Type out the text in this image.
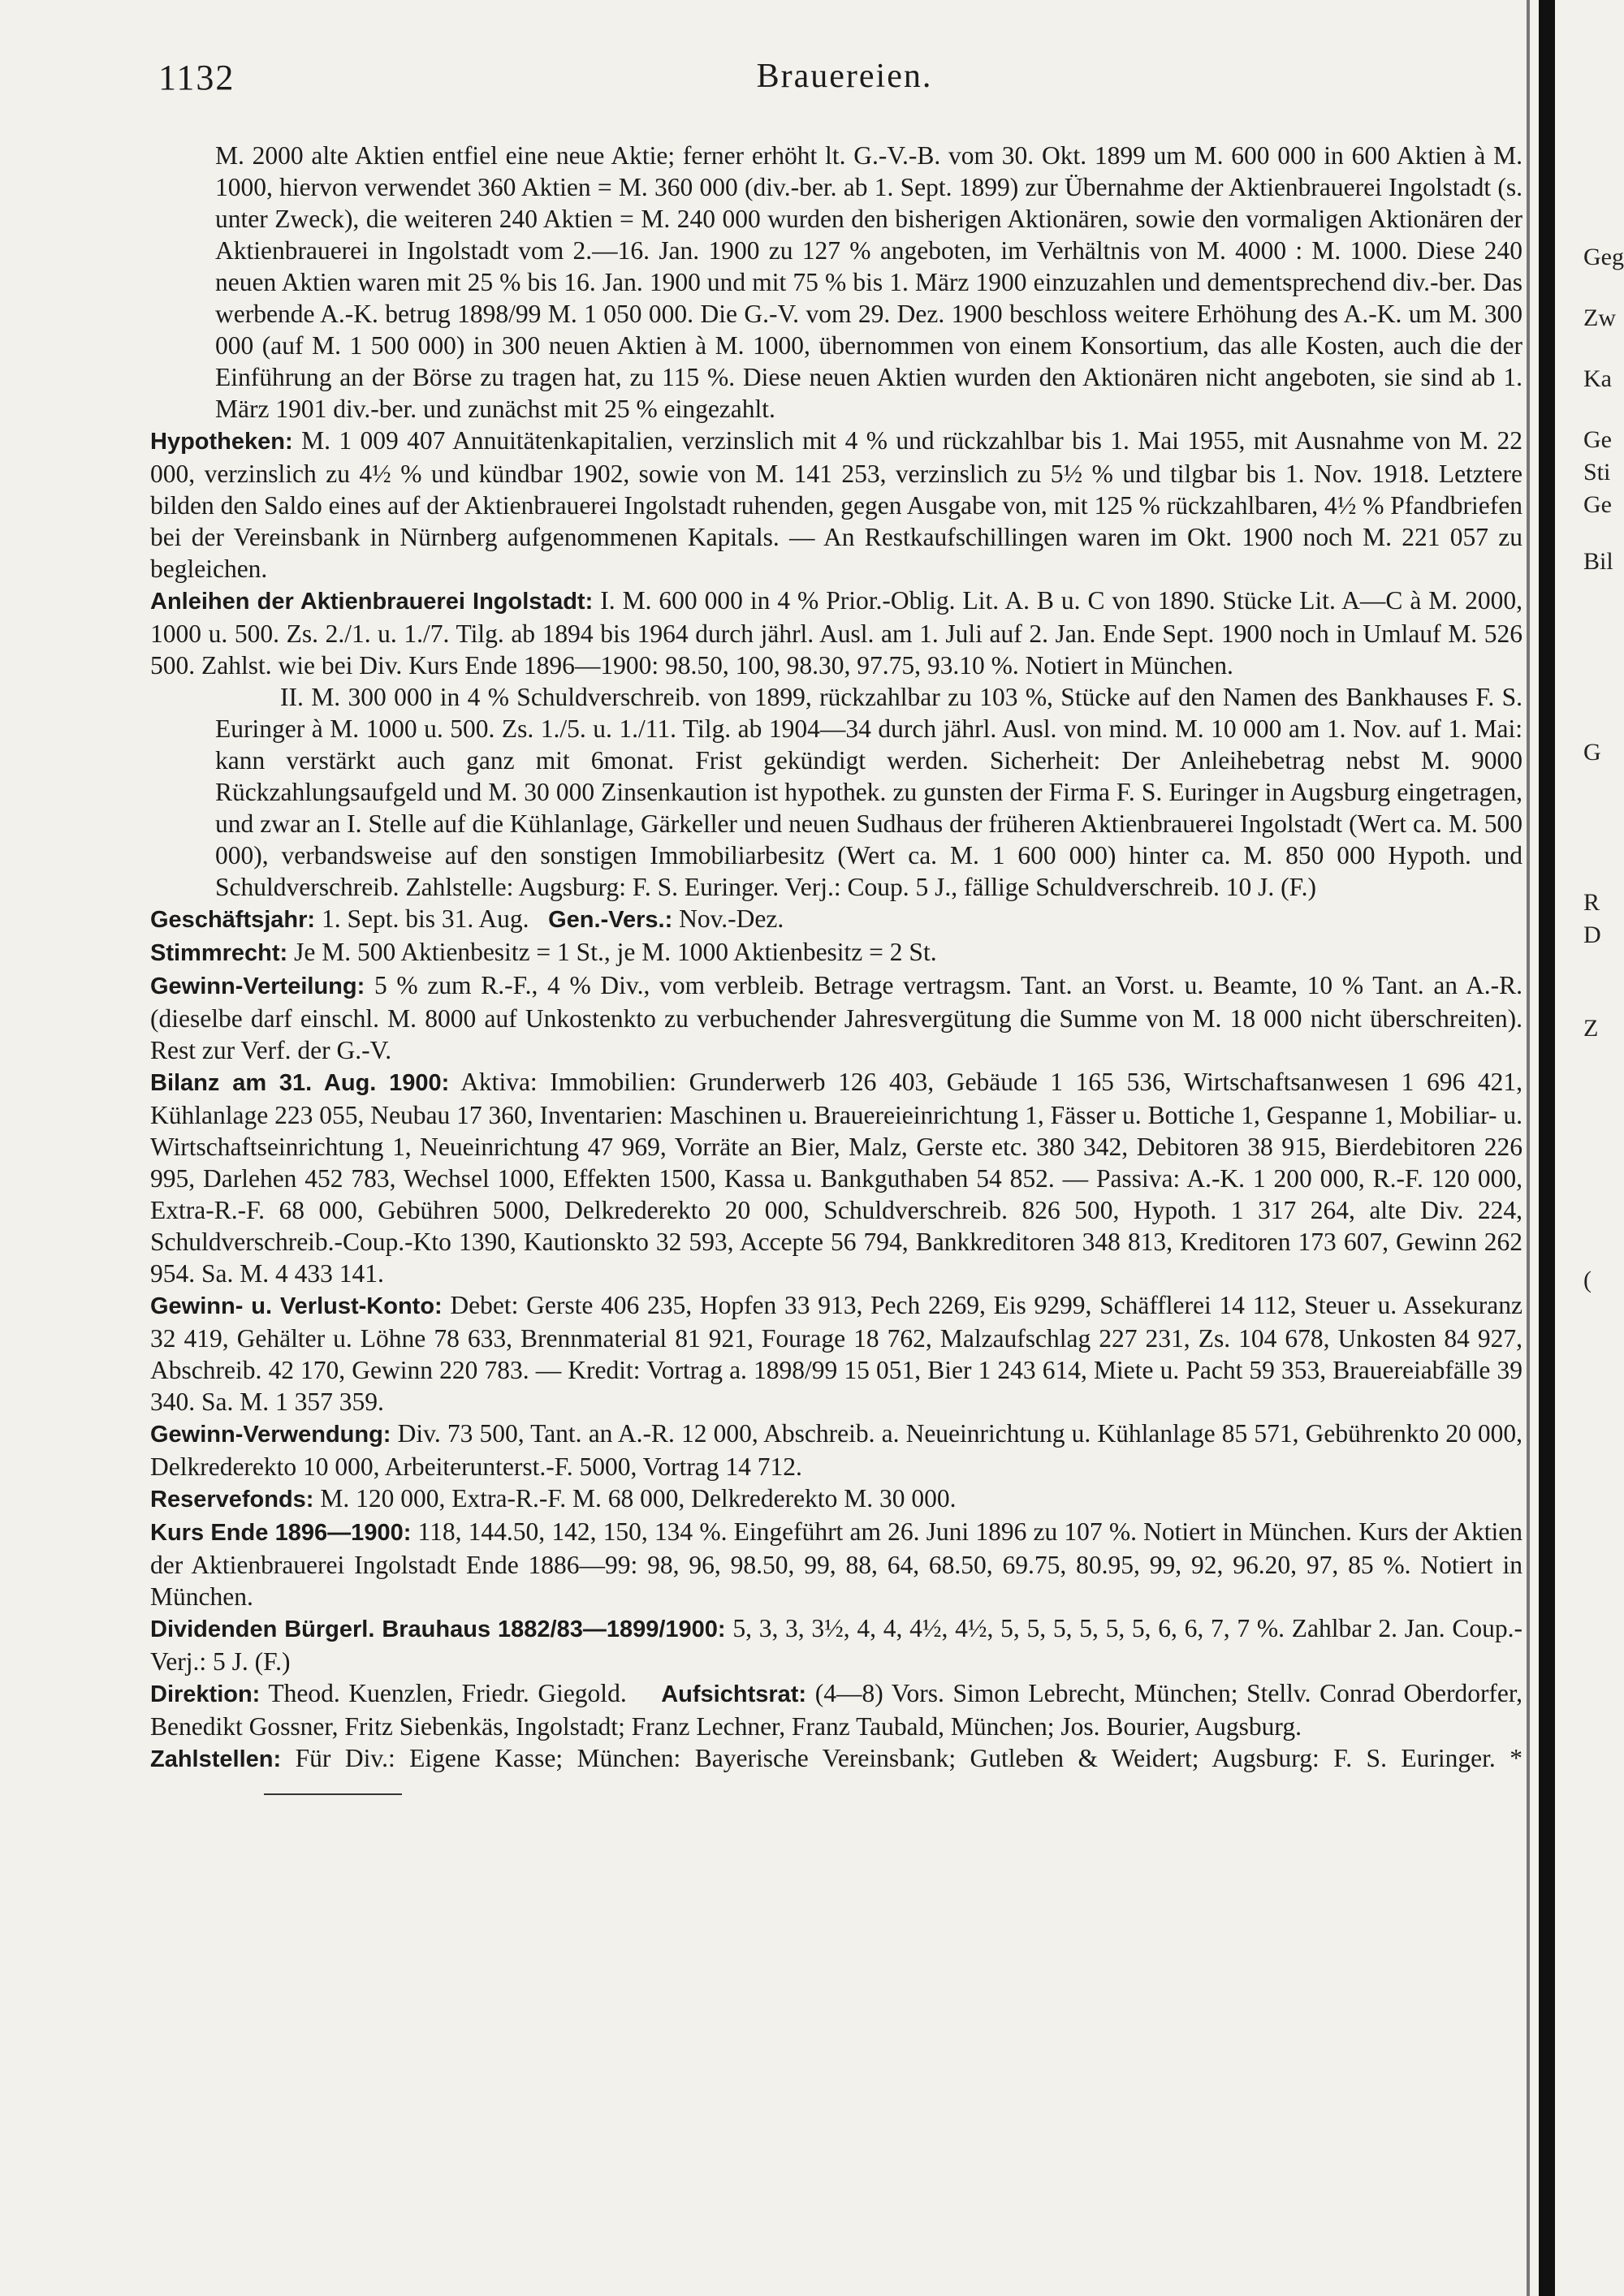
1132	Brauereien.

M. 2000 alte Aktien entfiel eine neue Aktie; ferner erhöht lt. G.-V.-B. vom 30. Okt. 1899 um M. 600 000 in 600 Aktien à M. 1000, hiervon verwendet 360 Aktien = M. 360 000 (div.-ber. ab 1. Sept. 1899) zur Übernahme der Aktienbrauerei Ingolstadt (s. unter Zweck), die weiteren 240 Aktien = M. 240 000 wurden den bisherigen Aktionären, sowie den vormaligen Aktionären der Aktienbrauerei in Ingolstadt vom 2.—16. Jan. 1900 zu 127 % angeboten, im Verhältnis von M. 4000 : M. 1000. Diese 240 neuen Aktien waren mit 25 % bis 16. Jan. 1900 und mit 75 % bis 1. März 1900 einzuzahlen und dementsprechend div.-ber. Das werbende A.-K. betrug 1898/99 M. 1 050 000. Die G.-V. vom 29. Dez. 1900 beschloss weitere Erhöhung des A.-K. um M. 300 000 (auf M. 1 500 000) in 300 neuen Aktien à M. 1000, übernommen von einem Konsortium, das alle Kosten, auch die der Einführung an der Börse zu tragen hat, zu 115 %. Diese neuen Aktien wurden den Aktionären nicht angeboten, sie sind ab 1. März 1901 div.-ber. und zunächst mit 25 % eingezahlt.

Hypotheken: M. 1 009 407 Annuitätenkapitalien, verzinslich mit 4 % und rückzahlbar bis 1. Mai 1955, mit Ausnahme von M. 22 000, verzinslich zu 4½ % und kündbar 1902, sowie von M. 141 253, verzinslich zu 5½ % und tilgbar bis 1. Nov. 1918. Letztere bilden den Saldo eines auf der Aktienbrauerei Ingolstadt ruhenden, gegen Ausgabe von, mit 125 % rückzahlbaren, 4½ % Pfandbriefen bei der Vereinsbank in Nürnberg aufgenommenen Kapitals. — An Restkaufschillingen waren im Okt. 1900 noch M. 221 057 zu begleichen.

Anleihen der Aktienbrauerei Ingolstadt: I. M. 600 000 in 4 % Prior.-Oblig. Lit. A. B u. C von 1890. Stücke Lit. A—C à M. 2000, 1000 u. 500. Zs. 2./1. u. 1./7. Tilg. ab 1894 bis 1964 durch jährl. Ausl. am 1. Juli auf 2. Jan. Ende Sept. 1900 noch in Umlauf M. 526 500. Zahlst. wie bei Div. Kurs Ende 1896—1900: 98.50, 100, 98.30, 97.75, 93.10 %. Notiert in München.

II. M. 300 000 in 4 % Schuldverschreib. von 1899, rückzahlbar zu 103 %, Stücke auf den Namen des Bankhauses F. S. Euringer à M. 1000 u. 500. Zs. 1./5. u. 1./11. Tilg. ab 1904—34 durch jährl. Ausl. von mind. M. 10 000 am 1. Nov. auf 1. Mai: kann verstärkt auch ganz mit 6monat. Frist gekündigt werden. Sicherheit: Der Anleihebetrag nebst M. 9000 Rückzahlungsaufgeld und M. 30 000 Zinsenkaution ist hypothek. zu gunsten der Firma F. S. Euringer in Augsburg eingetragen, und zwar an I. Stelle auf die Kühlanlage, Gärkeller und neuen Sudhaus der früheren Aktienbrauerei Ingolstadt (Wert ca. M. 500 000), verbandsweise auf den sonstigen Immobiliarbesitz (Wert ca. M. 1 600 000) hinter ca. M. 850 000 Hypoth. und Schuldverschreib. Zahlstelle: Augsburg: F. S. Euringer. Verj.: Coup. 5 J., fällige Schuldverschreib. 10 J. (F.)

Geschäftsjahr: 1. Sept. bis 31. Aug. Gen.-Vers.: Nov.-Dez.

Stimmrecht: Je M. 500 Aktienbesitz = 1 St., je M. 1000 Aktienbesitz = 2 St.

Gewinn-Verteilung: 5 % zum R.-F., 4 % Div., vom verbleib. Betrage vertragsm. Tant. an Vorst. u. Beamte, 10 % Tant. an A.-R. (dieselbe darf einschl. M. 8000 auf Unkostenkto zu verbuchender Jahresvergütung die Summe von M. 18 000 nicht überschreiten). Rest zur Verf. der G.-V.

Bilanz am 31. Aug. 1900: Aktiva: Immobilien: Grunderwerb 126 403, Gebäude 1 165 536, Wirtschaftsanwesen 1 696 421, Kühlanlage 223 055, Neubau 17 360, Inventarien: Maschinen u. Brauereieinrichtung 1, Fässer u. Bottiche 1, Gespanne 1, Mobiliar- u. Wirtschaftseinrichtung 1, Neueinrichtung 47 969, Vorräte an Bier, Malz, Gerste etc. 380 342, Debitoren 38 915, Bierdebitoren 226 995, Darlehen 452 783, Wechsel 1000, Effekten 1500, Kassa u. Bankguthaben 54 852. — Passiva: A.-K. 1 200 000, R.-F. 120 000, Extra-R.-F. 68 000, Gebühren 5000, Delkrederekto 20 000, Schuldverschreib. 826 500, Hypoth. 1 317 264, alte Div. 224, Schuldverschreib.-Coup.-Kto 1390, Kautionskto 32 593, Accepte 56 794, Bankkreditoren 348 813, Kreditoren 173 607, Gewinn 262 954. Sa. M. 4 433 141.

Gewinn- u. Verlust-Konto: Debet: Gerste 406 235, Hopfen 33 913, Pech 2269, Eis 9299, Schäfflerei 14 112, Steuer u. Assekuranz 32 419, Gehälter u. Löhne 78 633, Brennmaterial 81 921, Fourage 18 762, Malzaufschlag 227 231, Zs. 104 678, Unkosten 84 927, Abschreib. 42 170, Gewinn 220 783. — Kredit: Vortrag a. 1898/99 15 051, Bier 1 243 614, Miete u. Pacht 59 353, Brauereiabfälle 39 340. Sa. M. 1 357 359.

Gewinn-Verwendung: Div. 73 500, Tant. an A.-R. 12 000, Abschreib. a. Neueinrichtung u. Kühlanlage 85 571, Gebührenkto 20 000, Delkrederekto 10 000, Arbeiterunterst.-F. 5000, Vortrag 14 712.

Reservefonds: M. 120 000, Extra-R.-F. M. 68 000, Delkrederekto M. 30 000.

Kurs Ende 1896—1900: 118, 144.50, 142, 150, 134 %. Eingeführt am 26. Juni 1896 zu 107 %. Notiert in München. Kurs der Aktien der Aktienbrauerei Ingolstadt Ende 1886—99: 98, 96, 98.50, 99, 88, 64, 68.50, 69.75, 80.95, 99, 92, 96.20, 97, 85 %. Notiert in München.

Dividenden Bürgerl. Brauhaus 1882/83—1899/1900: 5, 3, 3, 3½, 4, 4, 4½, 4½, 5, 5, 5, 5, 5, 5, 6, 6, 7, 7 %. Zahlbar 2. Jan. Coup.-Verj.: 5 J. (F.)

Direktion: Theod. Kuenzlen, Friedr. Giegold. Aufsichtsrat: (4—8) Vors. Simon Lebrecht, München; Stellv. Conrad Oberdorfer, Benedikt Gossner, Fritz Siebenkäs, Ingolstadt; Franz Lechner, Franz Taubald, München; Jos. Bourier, Augsburg.

Zahlstellen: Für Div.: Eigene Kasse; München: Bayerische Vereinsbank; Gutleben & Weidert; Augsburg: F. S. Euringer. *

Geg
Zw
Ka
Ge
Sti
Ge
Bil
G
R
D
Z
(
